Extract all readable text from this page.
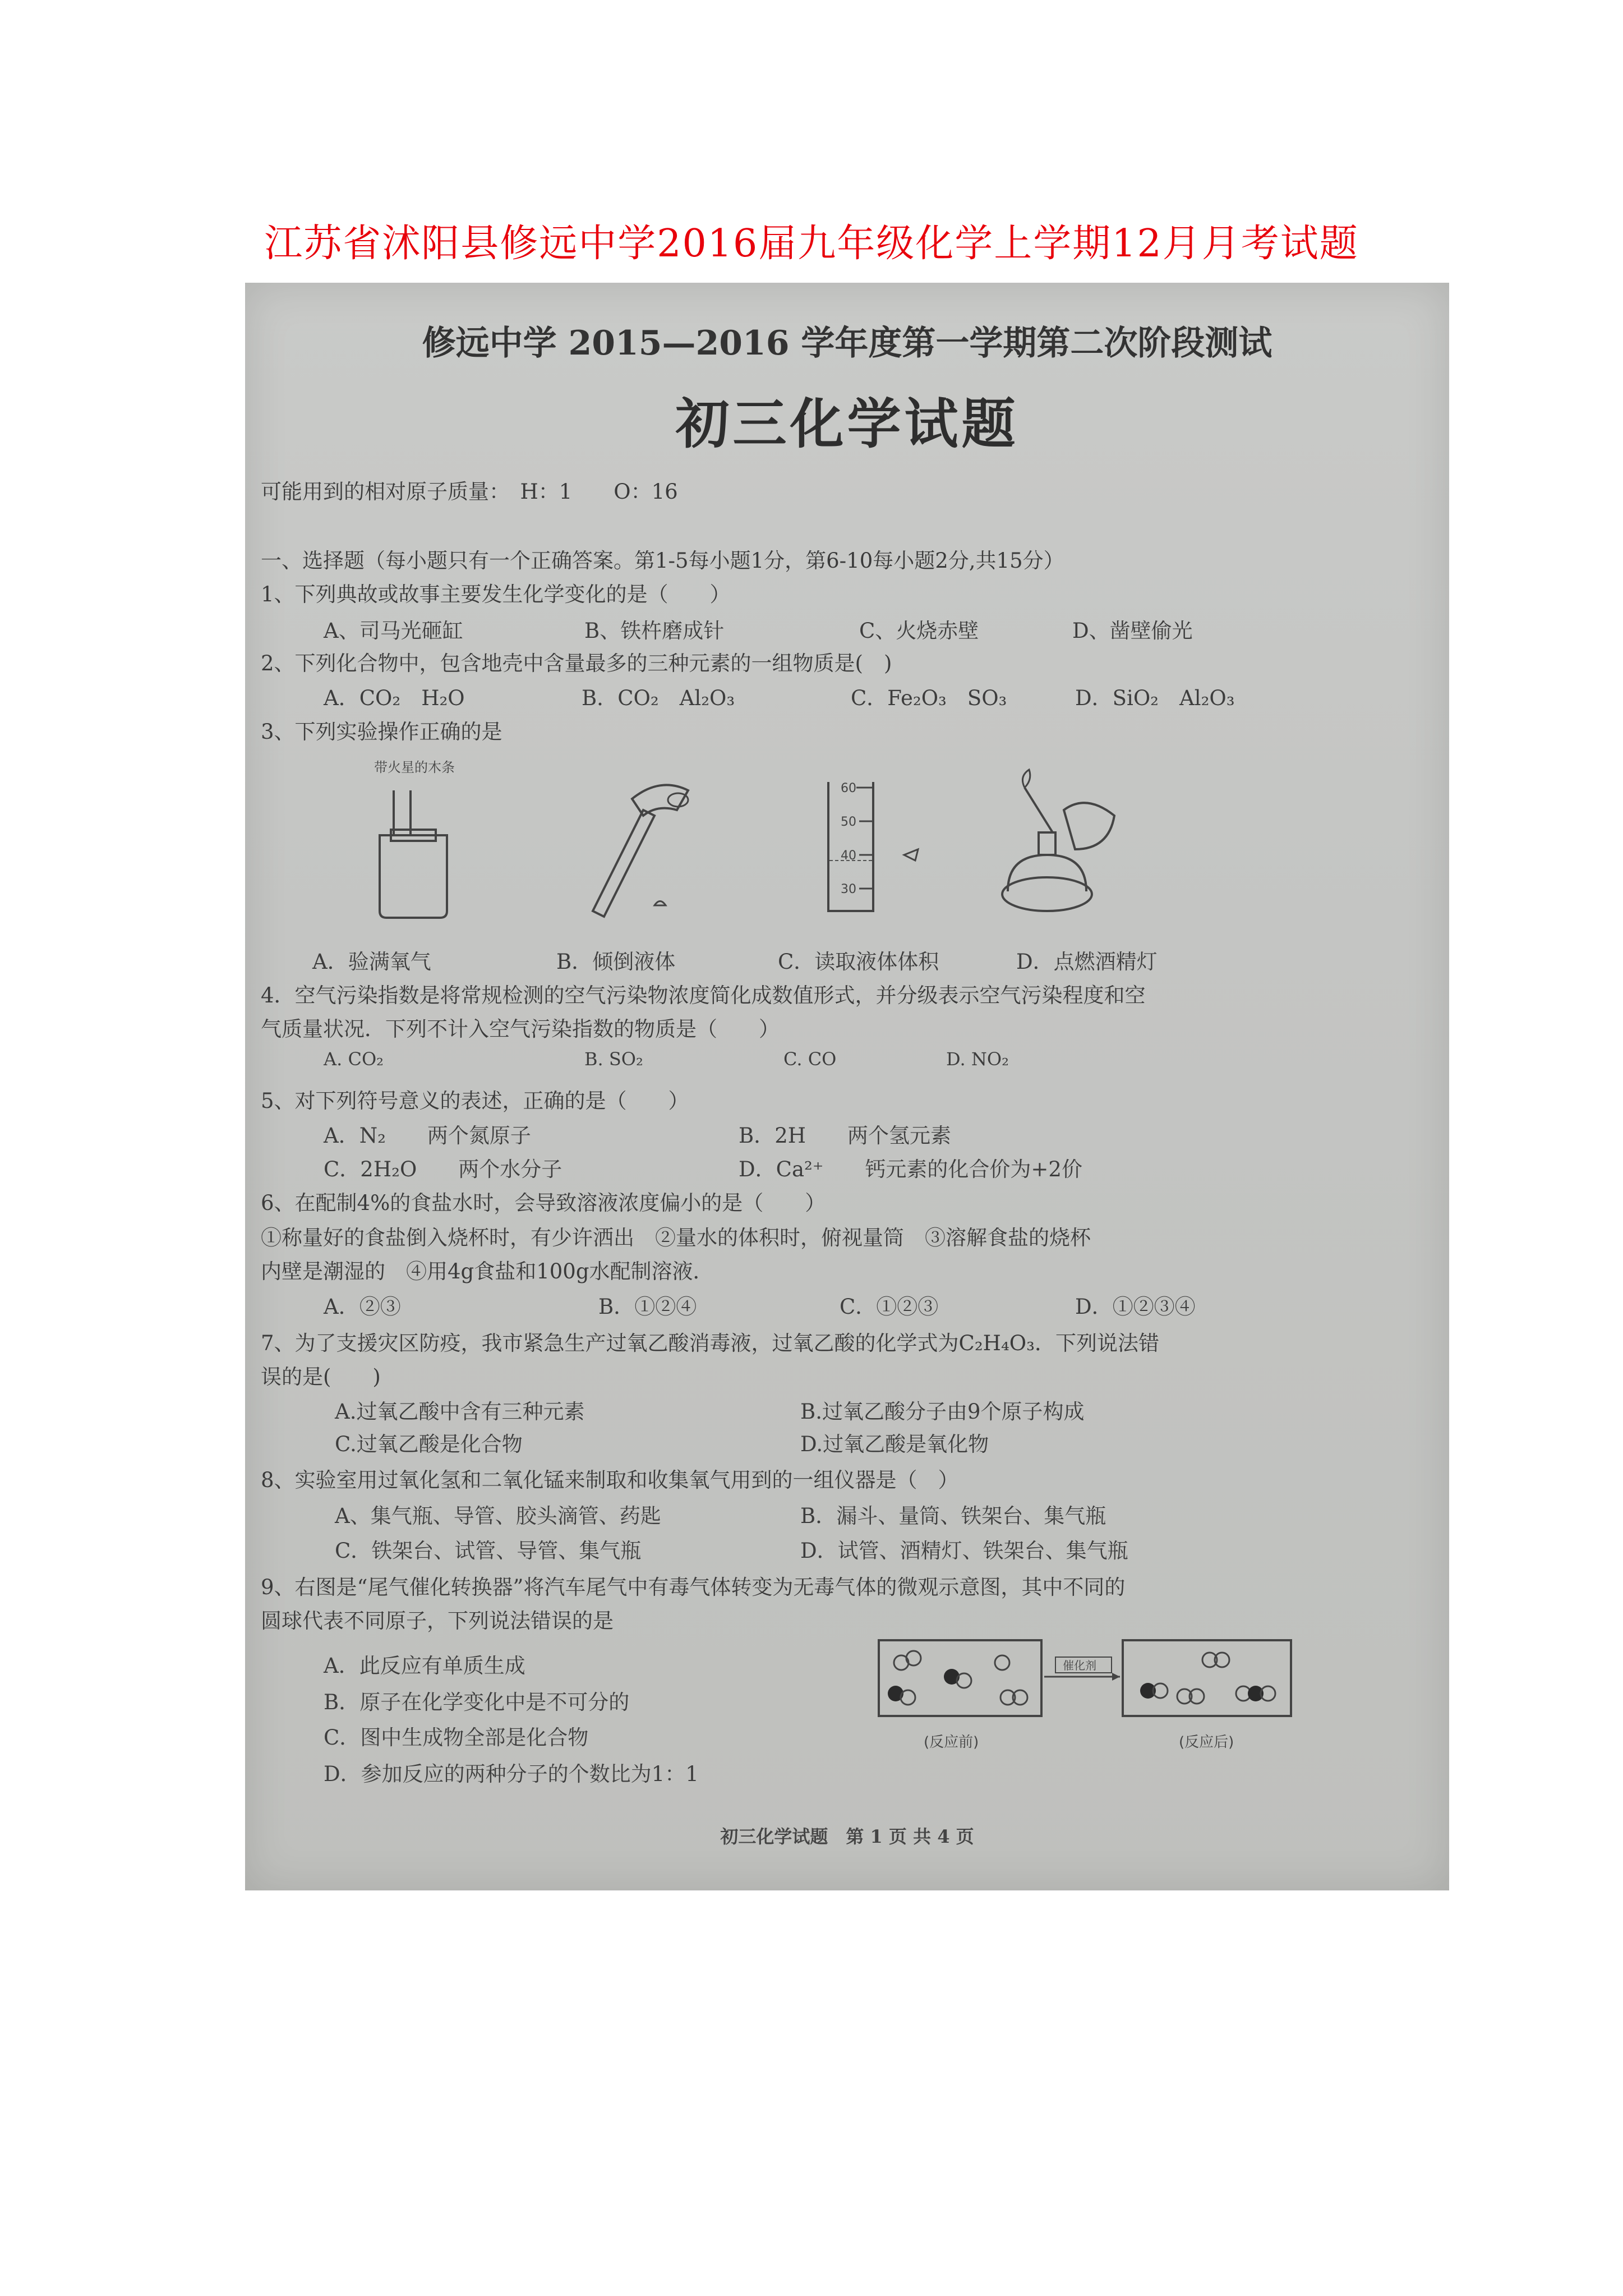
江苏省沭阳县修远中学2016届九年级化学上学期12月月考试题
修远中学 2015—2016 学年度第一学期第二次阶段测试
初三化学试题
可能用到的相对原子质量：　H：1　　O：16
一、选择题（每小题只有一个正确答案。第1-5每小题1分，第6-10每小题2分,共15分）
1、下列典故或故事主要发生化学变化的是（　　）
A、司马光砸缸	B、铁杵磨成针	C、火烧赤壁	D、凿壁偷光
2、下列化合物中，包含地壳中含量最多的三种元素的一组物质是(　)
A．CO₂　H₂O	B．CO₂　Al₂O₃	C．Fe₂O₃　SO₃	D．SiO₂　Al₂O₃
3、下列实验操作正确的是
带火星的木条
60
50
40
30
A．验满氧气	B．倾倒液体	C．读取液体体积	D．点燃酒精灯
4．空气污染指数是将常规检测的空气污染物浓度简化成数值形式，并分级表示空气污染程度和空
气质量状况．下列不计入空气污染指数的物质是（　　）
A. CO₂	B. SO₂	C. CO	D. NO₂
5、对下列符号意义的表述，正确的是（　　）
A．N₂　　两个氮原子	B．2H　　两个氢元素
C．2H₂O　　两个水分子	D．Ca²⁺　　钙元素的化合价为+2价
6、在配制4%的食盐水时，会导致溶液浓度偏小的是（　　）
①称量好的食盐倒入烧杯时，有少许洒出　②量水的体积时，俯视量筒　③溶解食盐的烧杯
内壁是潮湿的　④用4g食盐和100g水配制溶液．
A．②③	B．①②④	C．①②③	D．①②③④
7、为了支援灾区防疫，我市紧急生产过氧乙酸消毒液，过氧乙酸的化学式为C₂H₄O₃．下列说法错
误的是(　　)
A.过氧乙酸中含有三种元素	B.过氧乙酸分子由9个原子构成
C.过氧乙酸是化合物	D.过氧乙酸是氧化物
8、实验室用过氧化氢和二氧化锰来制取和收集氧气用到的一组仪器是（　）
A、集气瓶、导管、胶头滴管、药匙	B．漏斗、量筒、铁架台、集气瓶
C．铁架台、试管、导管、集气瓶	D．试管、酒精灯、铁架台、集气瓶
9、右图是“尾气催化转换器”将汽车尾气中有毒气体转变为无毒气体的微观示意图，其中不同的
圆球代表不同原子，下列说法错误的是
A．此反应有单质生成
B．原子在化学变化中是不可分的
C．图中生成物全部是化合物
D．参加反应的两种分子的个数比为1：1
催化剂
(反应前)	(反应后)
初三化学试题　第 1 页 共 4 页
